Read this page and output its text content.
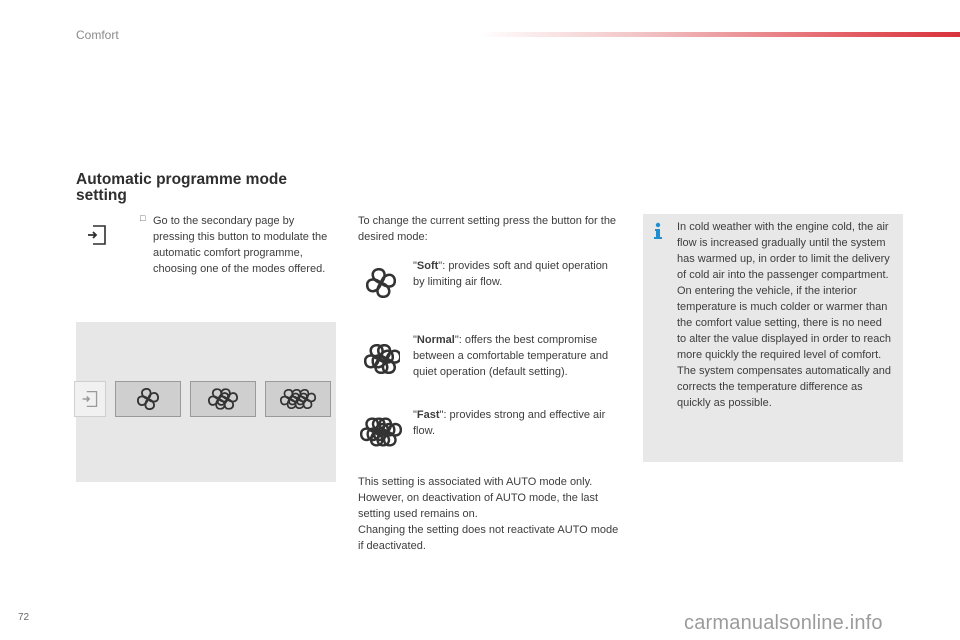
Comfort
Automatic programme mode setting
□ Go to the secondary page by pressing this button to modulate the automatic comfort programme, choosing one of the modes offered.
To change the current setting press the button for the desired mode:
"Soft": provides soft and quiet operation by limiting air flow.
"Normal": offers the best compromise between a comfortable temperature and quiet operation (default setting).
"Fast": provides strong and effective air flow.

This setting is associated with AUTO mode only. However, on deactivation of AUTO mode, the last setting used remains on.

Changing the setting does not reactivate AUTO mode if deactivated.

In cold weather with the engine cold, the air flow is increased gradually until the system has warmed up, in order to limit the delivery of cold air into the passenger compartment.

On entering the vehicle, if the interior temperature is much colder or warmer than the comfort value setting, there is no need to alter the value displayed in order to reach more quickly the required level of comfort. The system compensates automatically and corrects the temperature difference as quickly as possible.

72	carmanualsonline.info
